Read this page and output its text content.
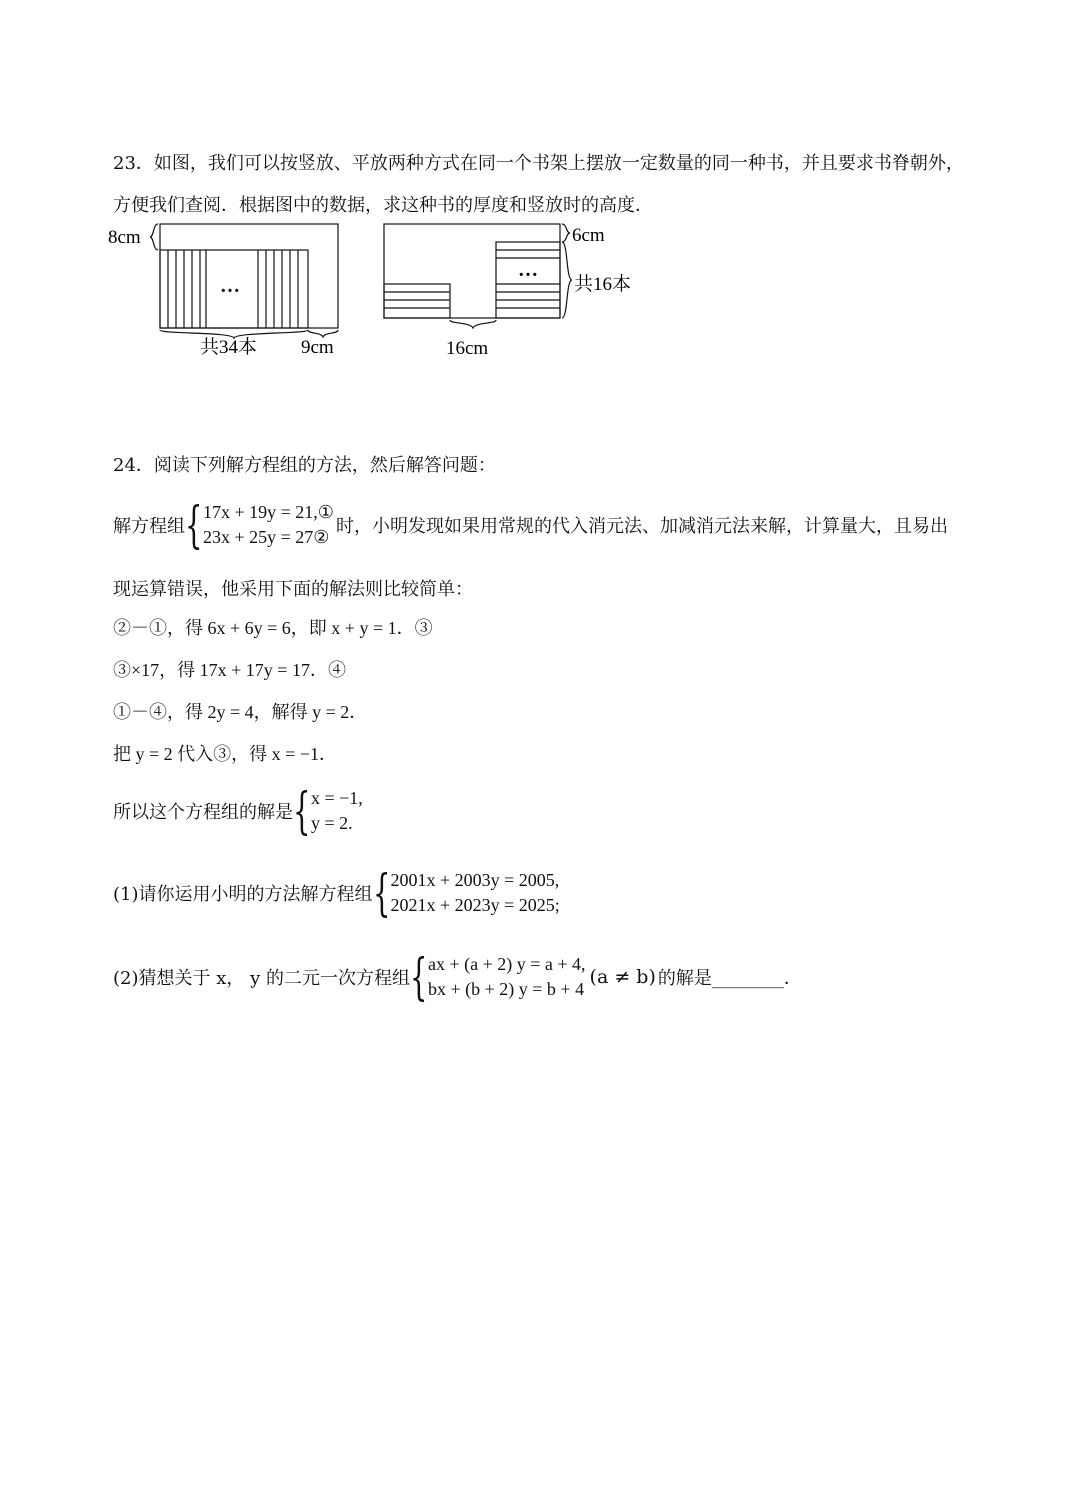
23．如图，我们可以按竖放、平放两种方式在同一个书架上摆放一定数量的同一种书，并且要求书脊朝外，
方便我们查阅．根据图中的数据，求这种书的厚度和竖放时的高度．
…
8cm
共34本 9cm
…
6cm
共16本
16cm
24．阅读下列解方程组的方法，然后解答问题：
解方程组 { 17x + 19y = 21,①
23x + 25y = 27② 时，小明发现如果用常规的代入消元法、加减消元法来解，计算量大，且易出
现运算错误，他采用下面的解法则比较简单：
②－①，得 6x + 6y = 6，即 x + y = 1．③
③×17，得 17x + 17y = 17．④
①－④，得 2y = 4，解得 y = 2．
把 y = 2 代入③，得 x = −1．
所以这个方程组的解是 { x = −1,
y = 2.
(1)请你运用小明的方法解方程组 { 2001x + 2003y = 2005,
2021x + 2023y = 2025;
(2)猜想关于 x， y 的二元一次方程组 { ax + (a + 2) y = a + 4,
bx + (b + 2) y = b + 4
(a ≠ b) 的解是________．
